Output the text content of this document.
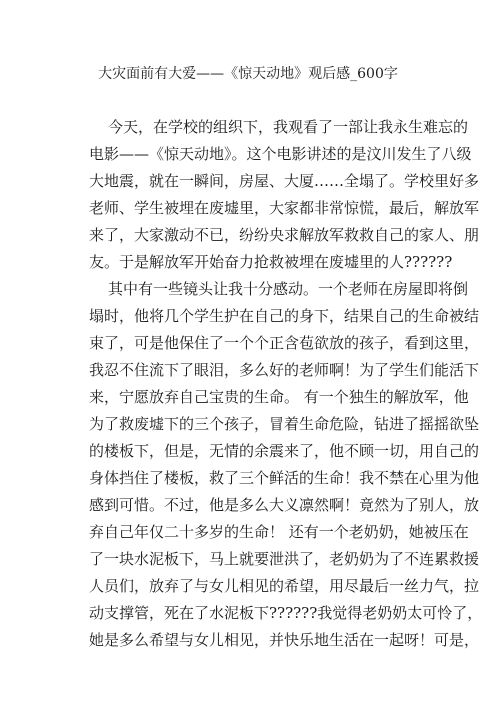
大灾面前有大爱——《惊天动地》观后感_600字
今天，在学校的组织下，我观看了一部让我永生难忘的
电影——《惊天动地》。这个电影讲述的是汶川发生了八级
大地震，就在一瞬间，房屋、大厦……全塌了。学校里好多
老师、学生被埋在废墟里，大家都非常惊慌，最后，解放军
来了，大家激动不已，纷纷央求解放军救救自己的家人、朋
友。于是解放军开始奋力抢救被埋在废墟里的人??????
其中有一些镜头让我十分感动。一个老师在房屋即将倒
塌时，他将几个学生护在自己的身下，结果自己的生命被结
束了，可是他保住了一个个正含苞欲放的孩子，看到这里，
我忍不住流下了眼泪，多么好的老师啊！为了学生们能活下
来，宁愿放弃自己宝贵的生命。 有一个独生的解放军，他
为了救废墟下的三个孩子，冒着生命危险，钻进了摇摇欲坠
的楼板下，但是，无情的余震来了，他不顾一切，用自己的
身体挡住了楼板，救了三个鲜活的生命！我不禁在心里为他
感到可惜。不过，他是多么大义凛然啊！竟然为了别人，放
弃自己年仅二十多岁的生命！ 还有一个老奶奶，她被压在
了一块水泥板下，马上就要泄洪了，老奶奶为了不连累救援
人员们，放弃了与女儿相见的希望，用尽最后一丝力气，拉
动支撑管，死在了水泥板下??????我觉得老奶奶太可怜了，
她是多么希望与女儿相见，并快乐地生活在一起呀！可是，
